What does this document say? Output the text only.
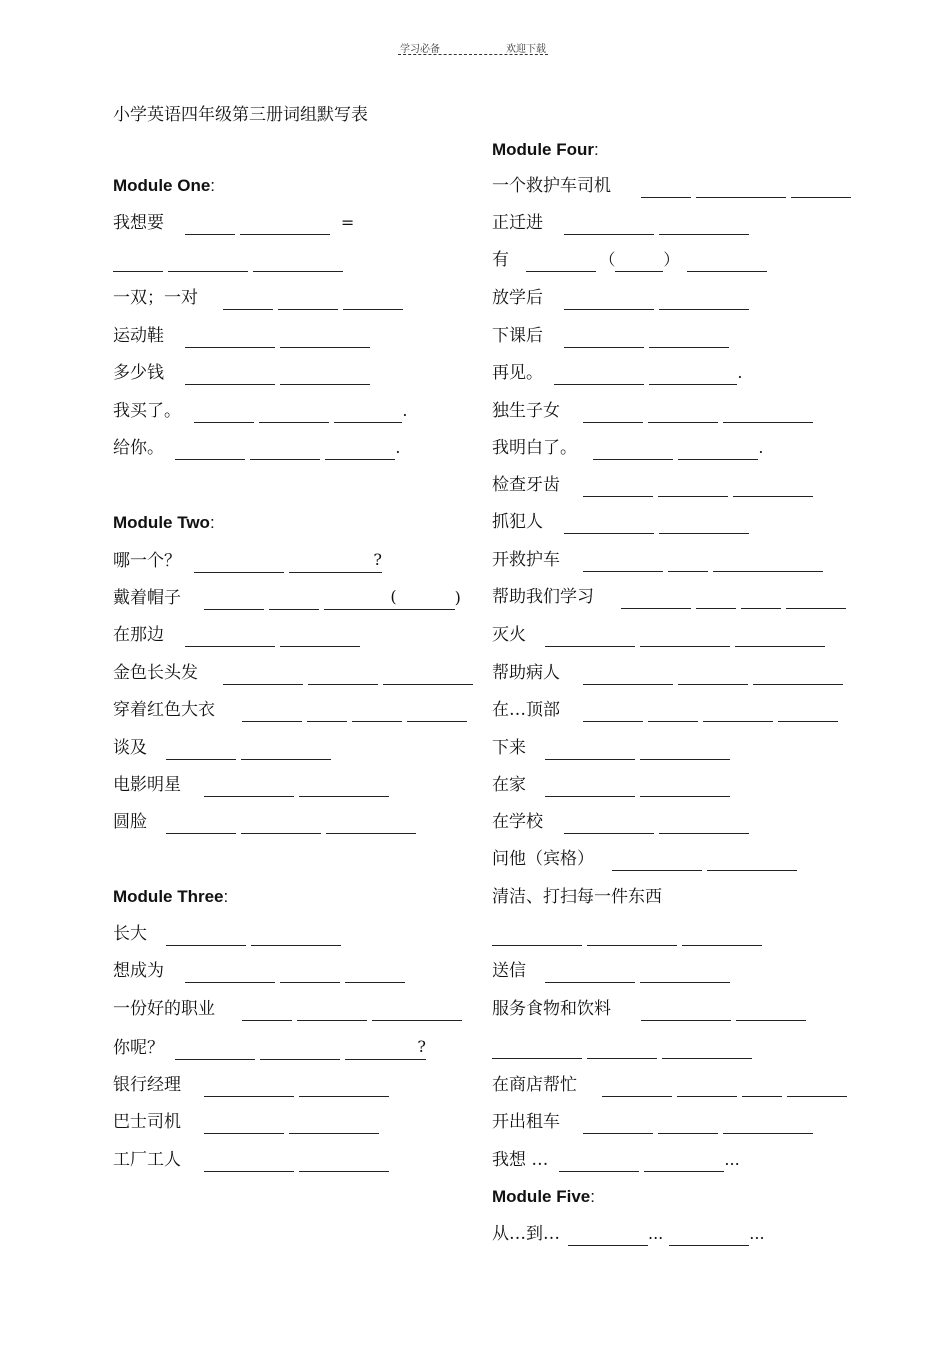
学习必备	欢迎下载
小学英语四年级第三册词组默写表
Module One:
我想要	=
一双；一对
运动鞋
多少钱
我买了。	.
给你。	.
Module Two:
哪一个？	?
戴着帽子	(	)
在那边
金色长头发
穿着红色大衣
谈及
电影明星
圆脸
Module Three:
长大
想成为
一份好的职业
你呢？	?
银行经理
巴士司机
工厂工人
Module Four:
一个救护车司机
正迁进
有	（	）
放学后
下课后
再见。	.
独生子女
我明白了。	.
检查牙齿
抓犯人
开救护车
帮助我们学习
灭火
帮助病人
在…顶部
下来
在家
在学校
问他（宾格）
清洁、打扫每一件东西
送信
服务食物和饮料
在商店帮忙
开出租车
我想 …	...
Module Five:
从…到…	...	...
